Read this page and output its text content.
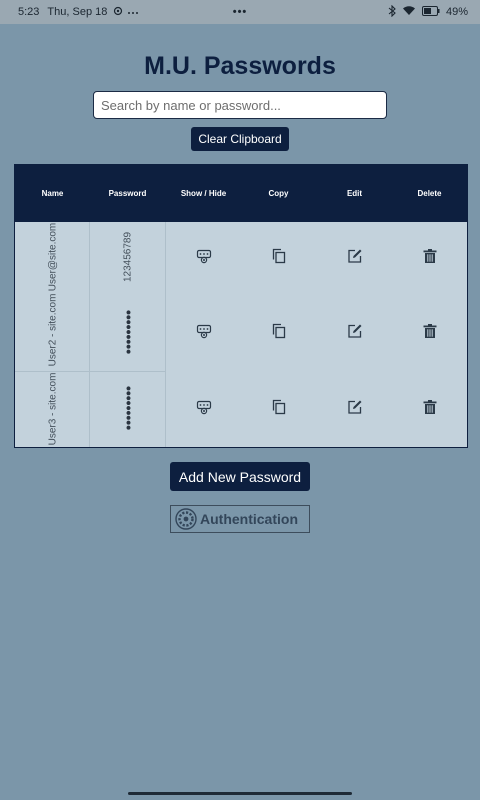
5:23 Thu, Sep 18	•••	49%
M.U. Passwords
Search by name or password...
Clear Clipboard
Name	Password	Show / Hide	Copy	Edit	Delete
User@site.com	123456789
User2 - site.com	•••••••••
User3 - site.com	•••••••••
Add New Password
Authentication
